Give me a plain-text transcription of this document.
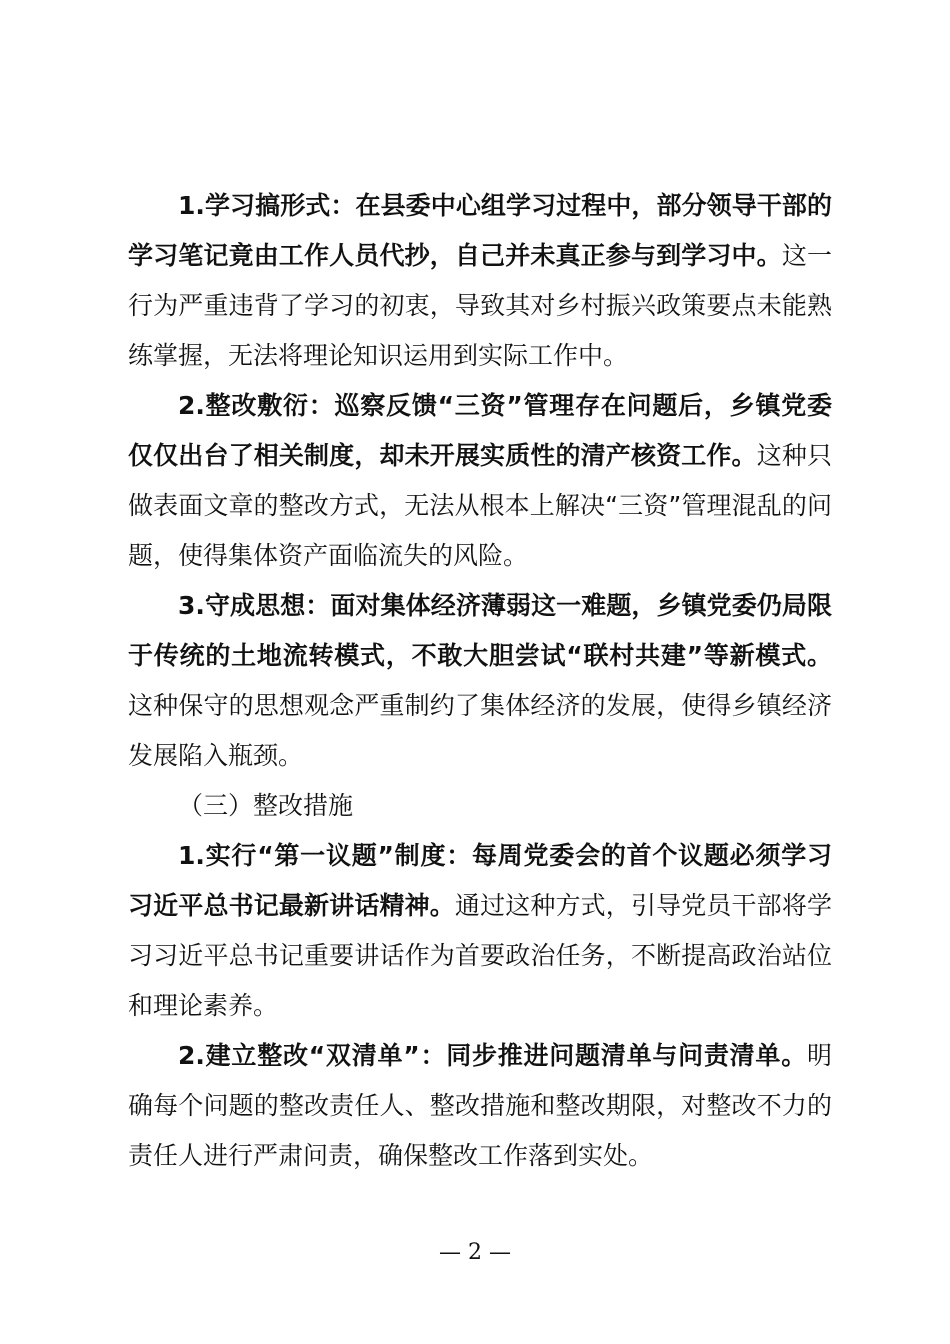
1.学习搞形式：在县委中心组学习过程中，部分领导干部的学习笔记竟由工作人员代抄，自己并未真正参与到学习中。这一行为严重违背了学习的初衷，导致其对乡村振兴政策要点未能熟练掌握，无法将理论知识运用到实际工作中。

2.整改敷衍：巡察反馈“三资”管理存在问题后，乡镇党委仅仅出台了相关制度，却未开展实质性的清产核资工作。这种只做表面文章的整改方式，无法从根本上解决“三资”管理混乱的问题，使得集体资产面临流失的风险。

3.守成思想：面对集体经济薄弱这一难题，乡镇党委仍局限于传统的土地流转模式，不敢大胆尝试“联村共建”等新模式。这种保守的思想观念严重制约了集体经济的发展，使得乡镇经济发展陷入瓶颈。

（三）整改措施

1.实行“第一议题”制度：每周党委会的首个议题必须学习习近平总书记最新讲话精神。通过这种方式，引导党员干部将学习习近平总书记重要讲话作为首要政治任务，不断提高政治站位和理论素养。

2.建立整改“双清单”：同步推进问题清单与问责清单。明确每个问题的整改责任人、整改措施和整改期限，对整改不力的责任人进行严肃问责，确保整改工作落到实处。

— 2 —
